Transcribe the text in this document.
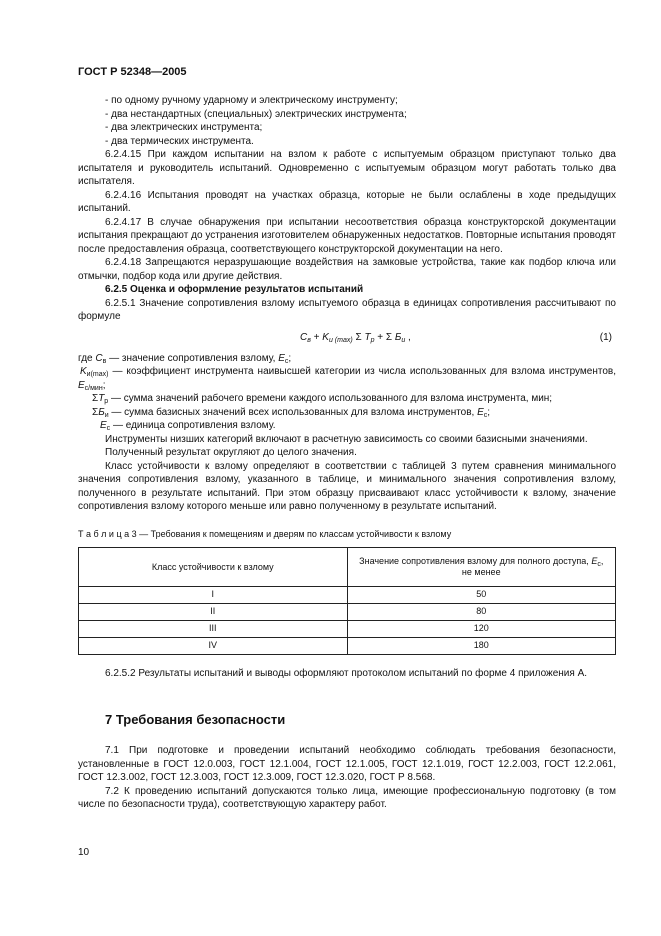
ГОСТ Р 52348—2005

- по одному ручному ударному и электрическому инструменту;

- два нестандартных (специальных) электрических инструмента;

- два электрических инструмента;

- два термических инструмента.

6.2.4.15 При каждом испытании на взлом к работе с испытуемым образцом приступают только два испытателя и руководитель испытаний. Одновременно с испытуемым образцом могут работать только два испытателя.

6.2.4.16 Испытания проводят на участках образца, которые не были ослаблены в ходе предыдущих испытаний.

6.2.4.17 В случае обнаружения при испытании несоответствия образца конструкторской документации испытания прекращают до устранения изготовителем обнаруженных недостатков. Повторные испытания проводят после предоставления образца, соответствующего конструкторской документации на него.

6.2.4.18 Запрещаются неразрушающие воздействия на замковые устройства, такие как подбор ключа или отмычки, подбор кода или другие действия.

6.2.5 Оценка и оформление результатов испытаний

6.2.5.1 Значение сопротивления взлому испытуемого образца в единицах сопротивления рассчитывают по формуле

$С_в + K_{и (max)}$ Σ $T_р + \Sigma$ $Б_и$ ,	(1)

где $С_в$ — значение сопротивления взлому, $Е_с$;

$K_{и(max)}$ — коэффициент инструмента наивысшей категории из числа использованных для взлома инструментов, $Е_{с/мин}$;

$\Sigma T_р$ — сумма значений рабочего времени каждого использованного для взлома инструмента, мин;

$\Sigma Б_и$ — сумма базисных значений всех использованных для взлома инструментов, $Е_с$;

$Е_с$ — единица сопротивления взлому.

Инструменты низших категорий включают в расчетную зависимость со своими базисными значениями.

Полученный результат округляют до целого значения.

Класс устойчивости к взлому определяют в соответствии с таблицей 3 путем сравнения минимального значения сопротивления взлому, указанного в таблице, и минимального значения сопротивления взлому, полученного в результате испытаний. При этом образцу присваивают класс устойчивости к взлому, значение сопротивления взлому которого меньше или равно полученному в результате испытаний.

Т а б л и ц а 3 — Требования к помещениям и дверям по классам устойчивости к взлому

Класс устойчивости к взлому	Значение сопротивления взлому для полного доступа, $Е_с$,
не менее
I	50
II	80
III	120
IV	180

6.2.5.2 Результаты испытаний и выводы оформляют протоколом испытаний по форме 4 приложения А.

7 Требования безопасности

7.1 При подготовке и проведении испытаний необходимо соблюдать требования безопасности, установленные в ГОСТ 12.0.003, ГОСТ 12.1.004, ГОСТ 12.1.005, ГОСТ 12.1.019, ГОСТ 12.2.003, ГОСТ 12.2.061, ГОСТ 12.3.002, ГОСТ 12.3.003, ГОСТ 12.3.009, ГОСТ 12.3.020, ГОСТ Р 8.568.

7.2 К проведению испытаний допускаются только лица, имеющие профессиональную подготовку (в том числе по безопасности труда), соответствующую характеру работ.

10
